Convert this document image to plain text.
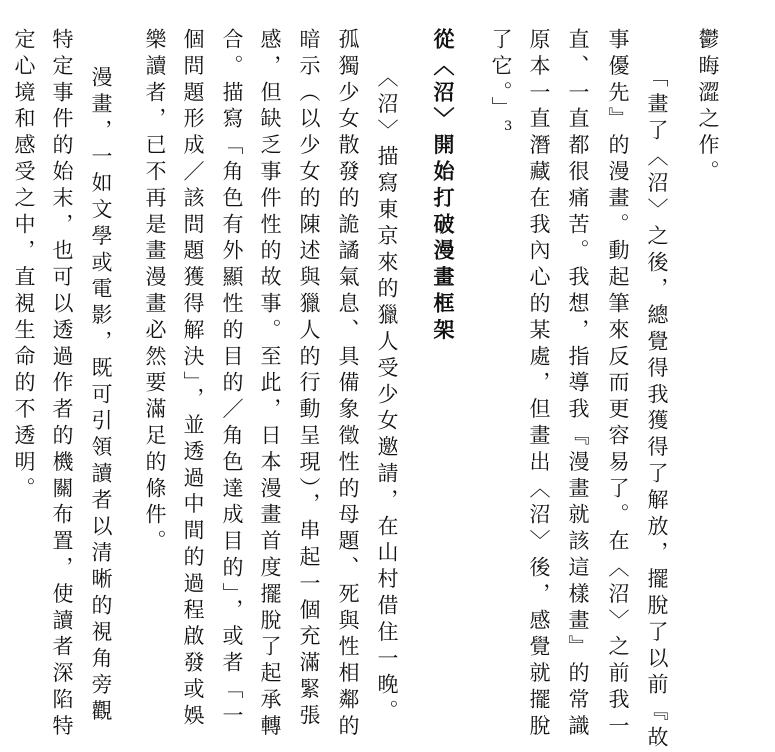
鬱晦澀之作。
「畫了〈沼〉之後，總覺得我獲得了解放，擺脫了以前『故
事優先』的漫畫。動起筆來反而更容易了。在〈沼〉之前我一
直、一直都很痛苦。我想，指導我『漫畫就該這樣畫』的常識
原本一直潛藏在我內心的某處，但畫出〈沼〉後，感覺就擺脫
了它。」
3
從〈沼〉開始打破漫畫框架
〈沼〉描寫東京來的獵人受少女邀請，在山村借住一晚。
孤獨少女散發的詭譎氣息、具備象徵性的母題、死與性相鄰的
暗示（以少女的陳述與獵人的行動呈現），串起一個充滿緊張
感，但缺乏事件性的故事。至此，日本漫畫首度擺脫了起承轉
合。描寫「角色有外顯性的目的／角色達成目的」，或者「一
個問題形成／該問題獲得解決」，並透過中間的過程啟發或娛
樂讀者，已不再是畫漫畫必然要滿足的條件。
漫畫，一如文學或電影，既可引領讀者以清晰的視角旁觀
特定事件的始末，也可以透過作者的機關布置，使讀者深陷特
定心境和感受之中，直視生命的不透明。
